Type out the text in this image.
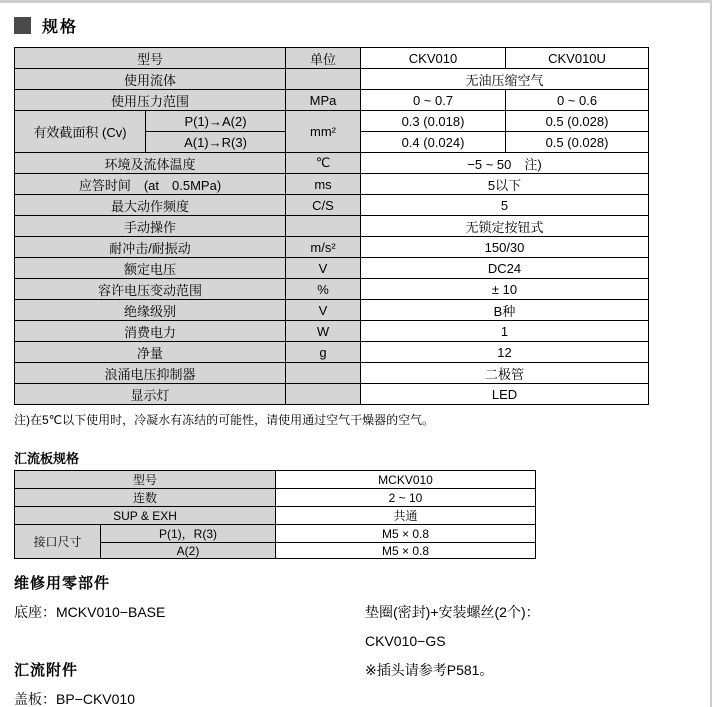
规格
型号		单位	CKV010	CKV010U
使用流体			无油压缩空气	
使用压力范围		MPa	0 ~ 0.7	0 ~ 0.6
有效截面积 (Cv)	P(1)→A(2)	mm²	0.3 (0.018)	0.5 (0.028)
	A(1)→R(3)		0.4 (0.024)	0.5 (0.028)
环境及流体温度		℃	−5 ~ 50　注)	
应答时间　(at　0.5MPa)		ms	5以下	
最大动作频度		C/S	5	
手动操作			无锁定按钮式	
耐冲击/耐振动		m/s²	150/30	
额定电压		V	DC24	
容许电压变动范围		%	± 10	
绝缘级别		V	B种	
消费电力		W	1	
净量		g	12	
浪涌电压抑制器			二极管	
显示灯			LED	
注)在5℃以下使用时，冷凝水有冻结的可能性，请使用通过空气干燥器的空气。
汇流板规格
型号		MCKV010
连数		2 ~ 10
SUP & EXH		共通
接口尺寸	P(1)，R(3)	M5 × 0.8
	A(2)	M5 × 0.8
维修用零部件
底座：MCKV010−BASE	垫圈(密封)+安装螺丝(2个)：
CKV010−GS
汇流附件	※插头请参考P581。
盖板：BP−CKV010
